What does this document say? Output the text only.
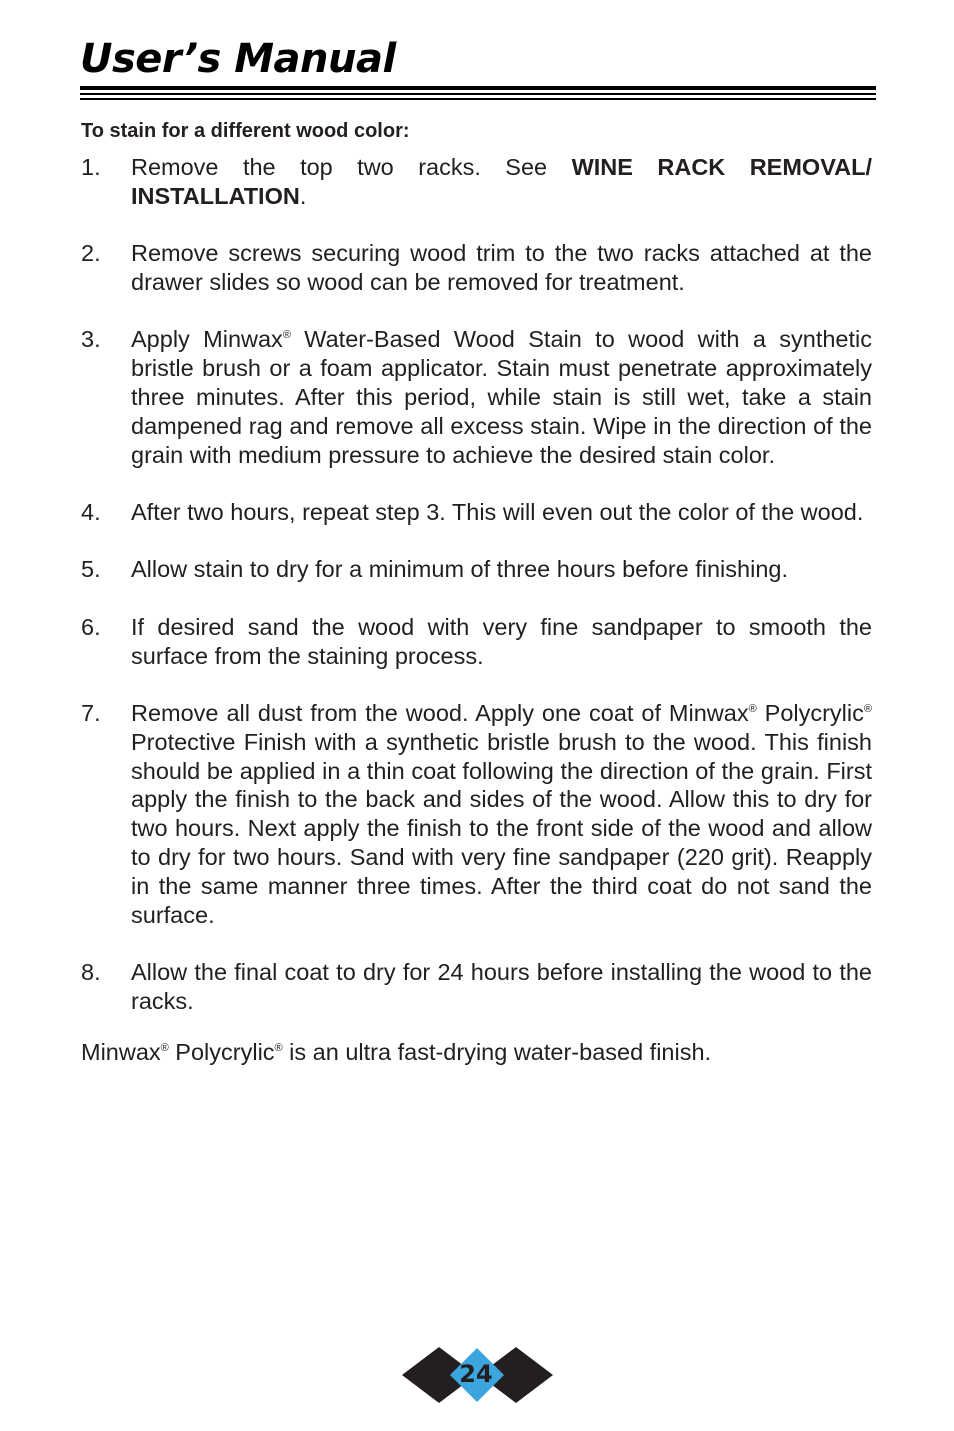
User’s Manual
To stain for a different wood color:
1.	Remove the top two racks. See WINE RACK REMOVAL/ INSTALLATION.
2.	Remove screws securing wood trim to the two racks attached at the drawer slides so wood can be removed for treatment.
3.	Apply Minwax® Water-Based Wood Stain to wood with a synthetic bristle brush or a foam applicator. Stain must penetrate approximately three minutes. After this period, while stain is still wet, take a stain dampened rag and remove all excess stain. Wipe in the direction of the grain with medium pressure to achieve the desired stain color.
4.	After two hours, repeat step 3. This will even out the color of the wood.
5.	Allow stain to dry for a minimum of three hours before finishing.
6.	If desired sand the wood with very fine sandpaper to smooth the surface from the staining process.
7.	Remove all dust from the wood. Apply one coat of Minwax® Polycrylic® Protective Finish with a synthetic bristle brush to the wood. This finish should be applied in a thin coat following the direction of the grain. First apply the finish to the back and sides of the wood. Allow this to dry for two hours. Next apply the finish to the front side of the wood and allow to dry for two hours. Sand with very fine sandpaper (220 grit). Reapply in the same manner three times. After the third coat do not sand the surface.
8.	Allow the final coat to dry for 24 hours before installing the wood to the racks.
Minwax® Polycrylic® is an ultra fast-drying water-based finish.
24
